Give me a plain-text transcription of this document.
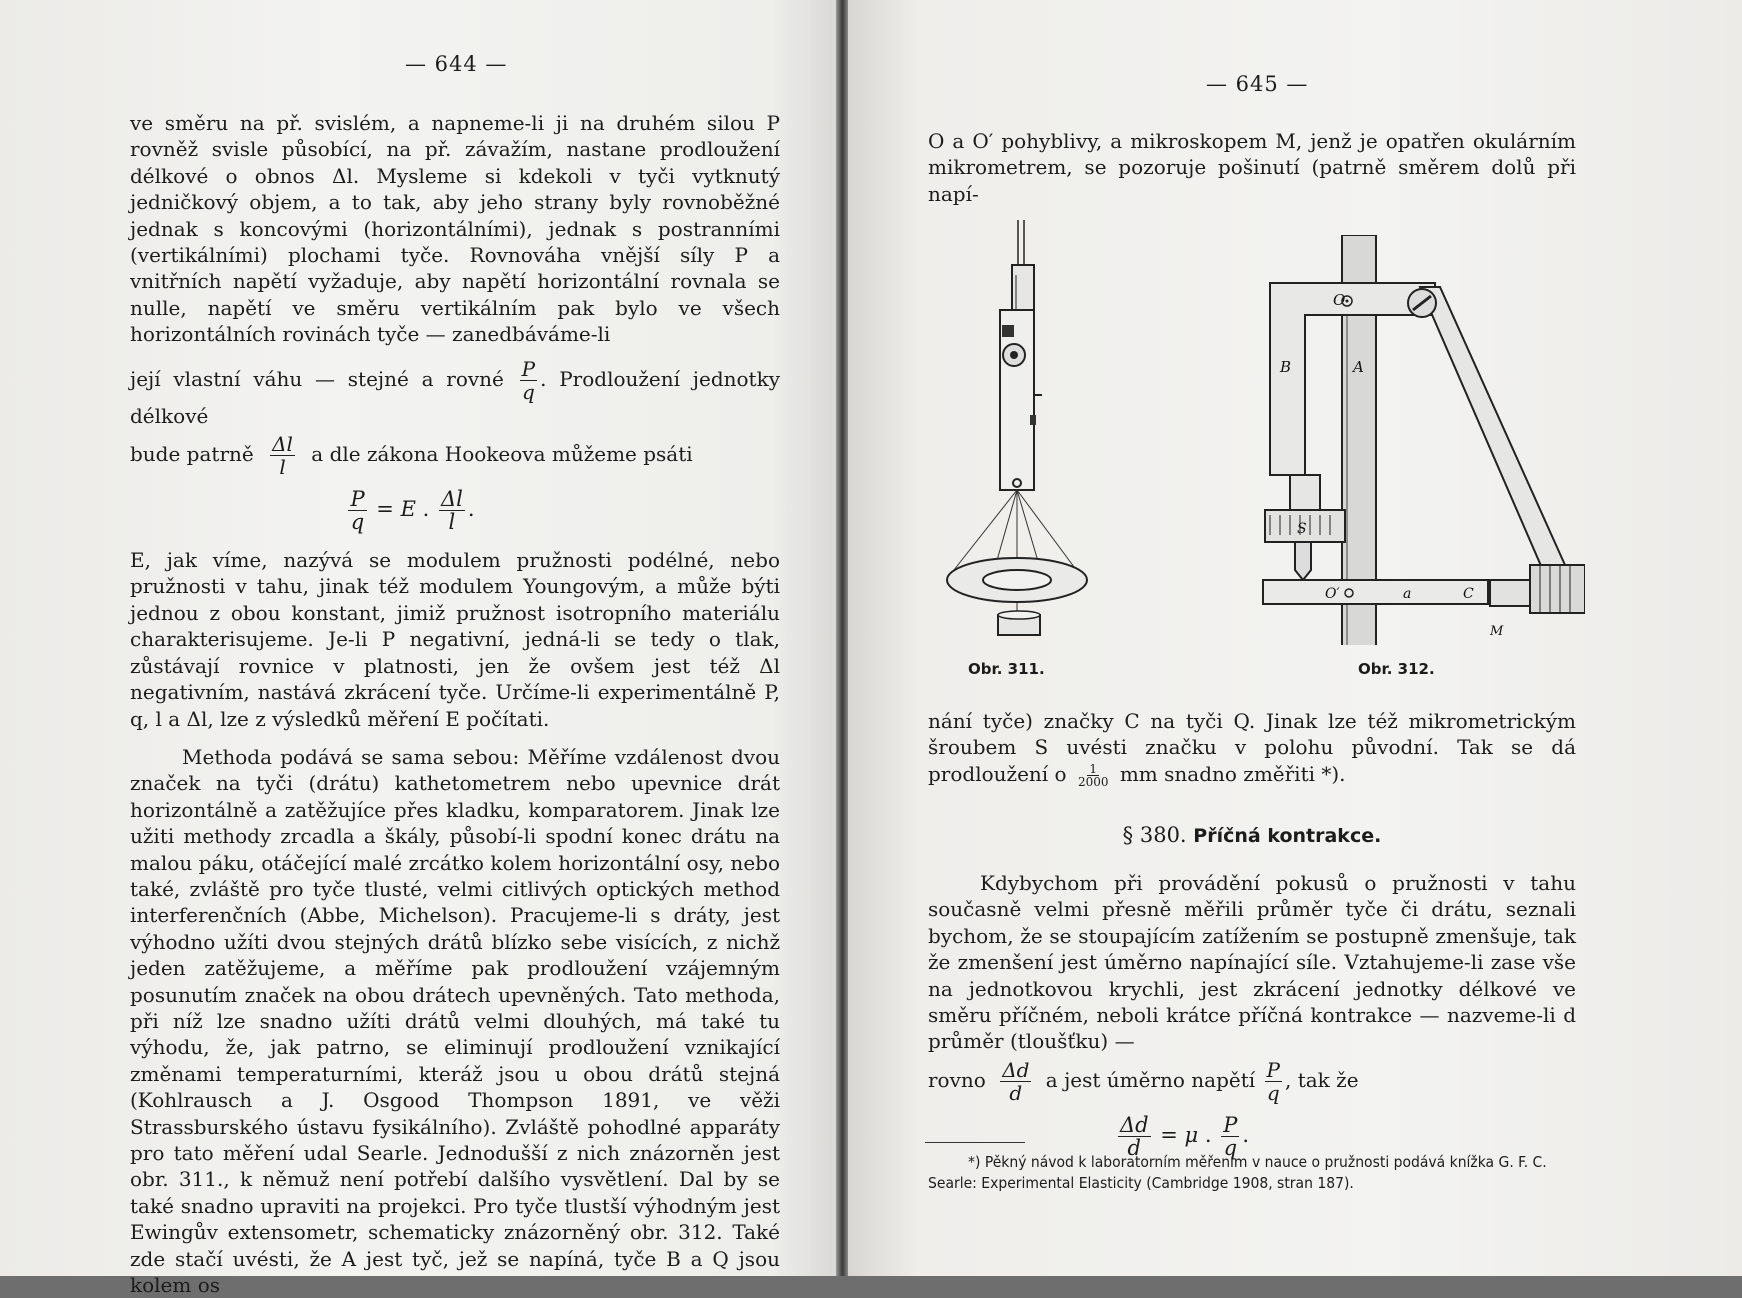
— 644 —

ve směru na př. svislém, a napneme-li ji na druhém silou P rovněž svisle působící, na př. závažím, nastane prodloužení délkové o obnos Δl. Mysleme si kdekoli v tyči vytknutý jedničkový objem, a to tak, aby jeho strany byly rovnoběžné jednak s koncovými (horizontálními), jednak s postranními (vertikálními) plochami tyče. Rovnováha vnější síly P a vnitřních napětí vyžaduje, aby napětí horizontální rovnala se nulle, napětí ve směru vertikálním pak bylo ve všech horizontálních rovinách tyče — zanedbáváme-li

její vlastní váhu — stejné a rovné $\frac{P}{q}$ . Prodloužení jednotky délkové

bude patrně $\frac{\Delta l}{l}$ a dle zákona Hookeova můžeme psáti

$\frac{P}{q} = E$ . $\frac{\Delta l}{l}$ .

E, jak víme, nazývá se modulem pružnosti podélné, nebo pružnosti v tahu, jinak též modulem Youngovým, a může býti jednou z obou konstant, jimiž pružnost isotropního materiálu charakterisujeme. Je-li P negativní, jedná-li se tedy o tlak, zůstávají rovnice v platnosti, jen že ovšem jest též Δl negativním, nastává zkrácení tyče. Určíme-li experimentálně P, q, l a Δl, lze z výsledků měření E počítati.

Methoda podává se sama sebou: Měříme vzdálenost dvou značek na tyči (drátu) kathetometrem nebo upevnice drát horizontálně a zatěžujíce přes kladku, komparatorem. Jinak lze užiti methody zrcadla a škály, působí-li spodní konec drátu na malou páku, otáčející malé zrcátko kolem horizontální osy, nebo také, zvláště pro tyče tlusté, velmi citlivých optických method interferenčních (Abbe, Michelson). Pracujeme-li s dráty, jest výhodno užíti dvou stejných drátů blízko sebe visících, z nichž jeden zatěžujeme, a měříme pak prodloužení vzájemným posunutím značek na obou drátech upevněných. Tato methoda, při níž lze snadno užíti drátů velmi dlouhých, má také tu výhodu, že, jak patrno, se eliminují prodloužení vznikající změnami temperaturními, kteráž jsou u obou drátů stejná (Kohlrausch a J. Osgood Thompson 1891, ve věži Strassburského ústavu fysikálního). Zvláště pohodlné apparáty pro tato měření udal Searle. Jednodušší z nich znázorněn jest obr. 311., k němuž není potřebí dalšího vysvětlení. Dal by se také snadno upraviti na projekci. Pro tyče tlustší výhodným jest Ewingův extensometr, schematicky znázorněný obr. 312. Také zde stačí uvésti, že A jest tyč, jež se napíná, tyče B a Q jsou kolem os

— 645 —

O a O′ pohyblivy, a mikroskopem M, jenž je opatřen okulárním mikrometrem, se pozoruje pošinutí (patrně směrem dolů při napí-

Obr. 311.
O
B	A
S
O′	a	C
M
Obr. 312.

nání tyče) značky C na tyči Q. Jinak lze též mikrometrickým šroubem S uvésti značku v polohu původní. Tak se dá prodloužení o $\frac{1}{2000}$ mm snadno změřiti *).

§ 380. Příčná kontrakce.

Kdybychom při provádění pokusů o pružnosti v tahu současně velmi přesně měřili průměr tyče či drátu, seznali bychom, že se stoupajícím zatížením se postupně zmenšuje, tak že zmenšení jest úměrno napínající síle. Vztahujeme-li zase vše na jednotkovou krychli, jest zkrácení jednotky délkové ve směru příčném, neboli krátce příčná kontrakce — nazveme-li d průměr (tloušťku) —

rovno $\frac{\Delta d}{d}$ a jest úměrno napětí $\frac{P}{q}$ , tak že

$\frac{\Delta d}{d} = \mu$ . $\frac{P}{q}$ .

*) Pěkný návod k laboratorním měřením v nauce o pružnosti podává knížka G. F. C. Searle: Experimental Elasticity (Cambridge 1908, stran 187).
